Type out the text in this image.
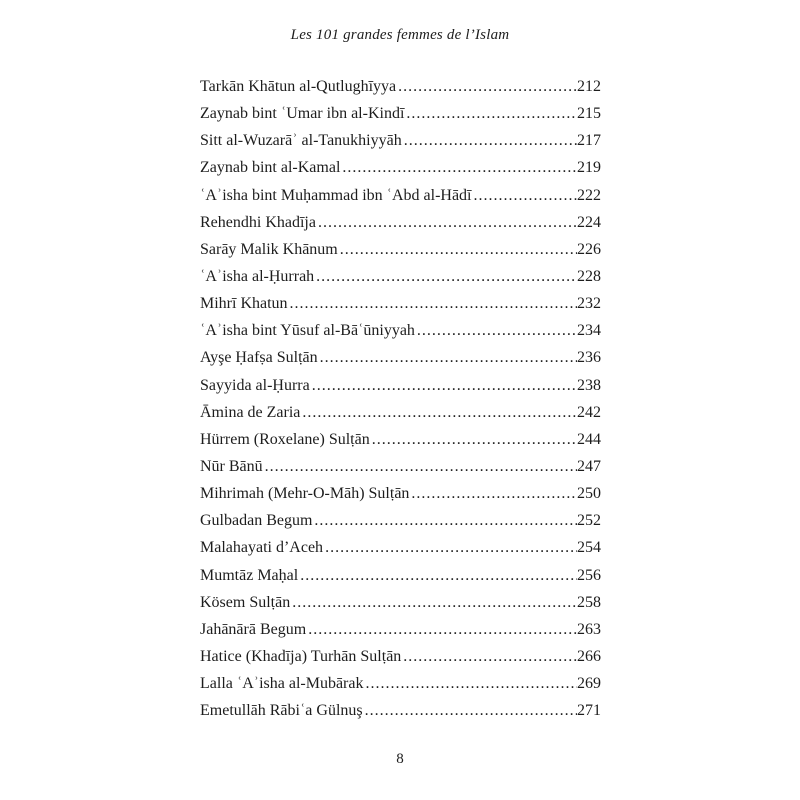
Les 101 grandes femmes de l’Islam
Tarkān Khātun al-Qutlughīyya .....	212
Zaynab bint ʿUmar ibn al-Kindī .....	215
Sitt al-Wuzarāʾ al-Tanukhiyyāh .....	217
Zaynab bint al-Kamal .....	219
ʿAʾisha bint Muḥammad ibn ʿAbd al-Hādī .....	222
Rehendhi Khadīja .....	224
Sarāy Malik Khānum .....	226
ʿAʾisha al-Ḥurrah .....	228
Mihrī Khatun .....	232
ʿAʾisha bint Yūsuf al-Bāʿūniyyah .....	234
Ayşe Ḥafṣa Sulṭān .....	236
Sayyida al-Ḥurra .....	238
Āmina de Zaria .....	242
Hürrem (Roxelane) Sulṭān .....	244
Nūr Bānū .....	247
Mihrimah (Mehr-O-Māh) Sulṭān .....	250
Gulbadan Begum .....	252
Malahayati d’Aceh .....	254
Mumtāz Maḥal .....	256
Kösem Sulṭān .....	258
Jahānārā Begum .....	263
Hatice (Khadīja) Turhān Sulṭān .....	266
Lalla ʿAʾisha al-Mubārak .....	269
Emetullāh Rābiʿa Gülnuş .....	271
8
